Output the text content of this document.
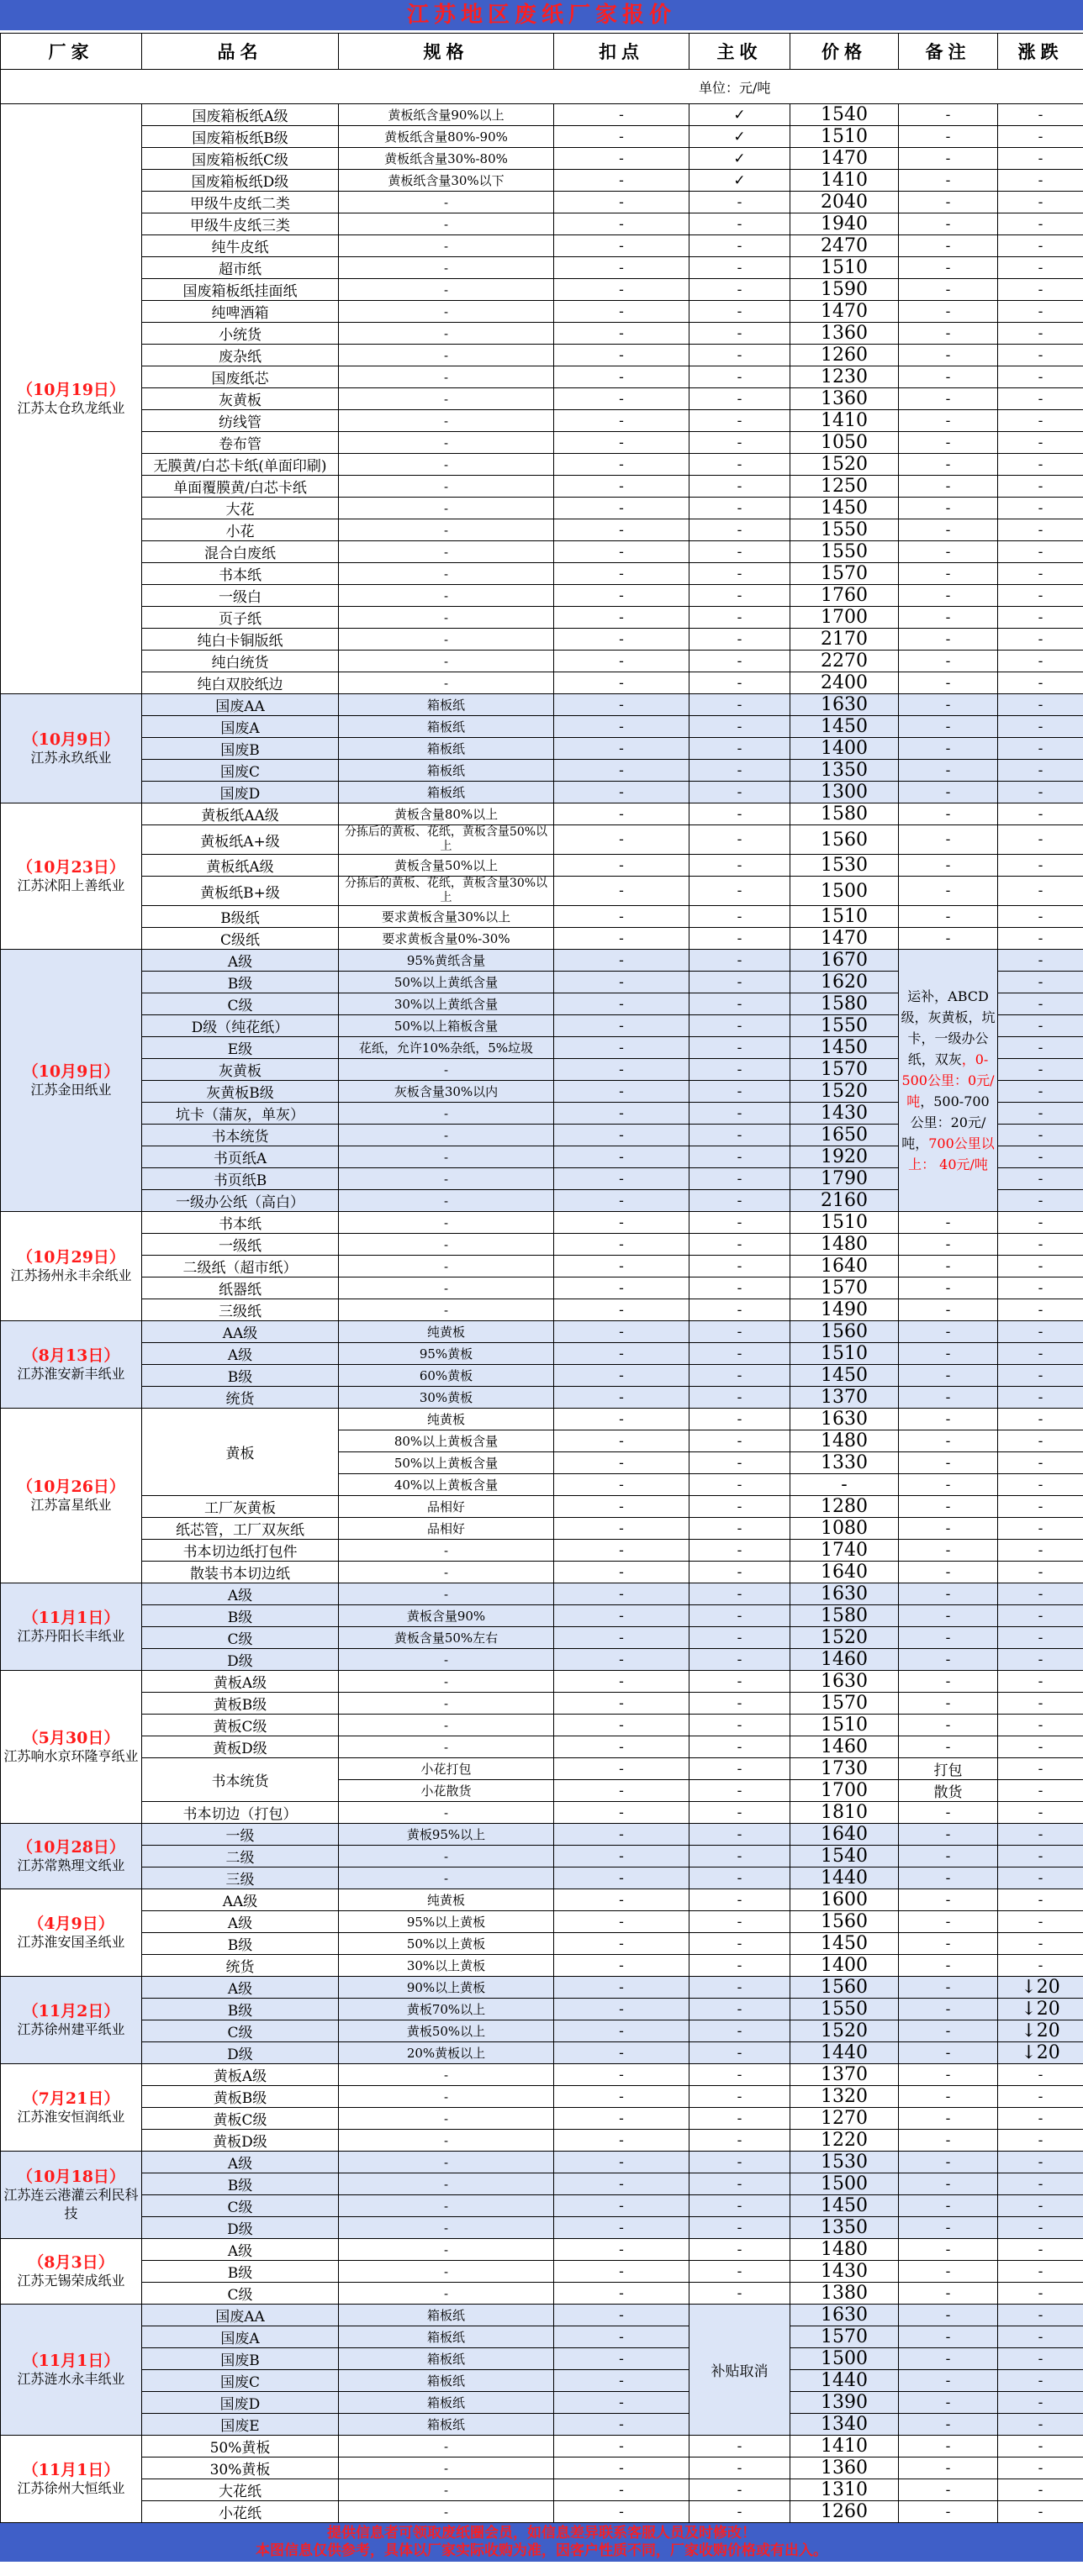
江苏地区废纸厂家报价
厂家	品名	规格	扣点	主收	价格	备注	涨跌
单位：元/吨							

（10月19日）
江苏太仓玖龙纸业	国废箱板纸A级	黄板纸含量90%以上	-	✓	1540	-	-
	国废箱板纸B级	黄板纸含量80%-90%	-	✓	1510	-	-
	国废箱板纸C级	黄板纸含量30%-80%	-	✓	1470	-	-
	国废箱板纸D级	黄板纸含量30%以下	-	✓	1410	-	-
	甲级牛皮纸二类	-	-	-	2040	-	-
	甲级牛皮纸三类	-	-	-	1940	-	-
	纯牛皮纸	-	-	-	2470	-	-
	超市纸	-	-	-	1510	-	-
	国废箱板纸挂面纸	-	-	-	1590	-	-
	纯啤酒箱	-	-	-	1470	-	-
	小统货	-	-	-	1360	-	-
	废杂纸	-	-	-	1260	-	-
	国废纸芯	-	-	-	1230	-	-
	灰黄板	-	-	-	1360	-	-
	纺线管	-	-	-	1410	-	-
	卷布管	-	-	-	1050	-	-
	无膜黄/白芯卡纸(单面印刷)	-	-	-	1520	-	-
	单面覆膜黄/白芯卡纸	-	-	-	1250	-	-
	大花	-	-	-	1450	-	-
	小花	-	-	-	1550	-	-
	混合白废纸	-	-	-	1550	-	-
	书本纸	-	-	-	1570	-	-
	一级白	-	-	-	1760	-	-
	页子纸	-	-	-	1700	-	-
	纯白卡铜版纸	-	-	-	2170	-	-
	纯白统货	-	-	-	2270	-	-
	纯白双胶纸边	-	-	-	2400	-	-

（10月9日）
江苏永玖纸业	国废AA	箱板纸	-	-	1630	-	-
	国废A	箱板纸	-	-	1450	-	-
	国废B	箱板纸	-	-	1400	-	-
	国废C	箱板纸	-	-	1350	-	-
	国废D	箱板纸	-	-	1300	-	-

（10月23日）
江苏沭阳上善纸业	黄板纸AA级	黄板含量80%以上	-	-	1580	-	-
	黄板纸A+级	分拣后的黄板、花纸，黄板含量50%以上	-	-	1560	-	-
	黄板纸A级	黄板含量50%以上	-	-	1530	-	-
	黄板纸B+级	分拣后的黄板、花纸，黄板含量30%以上	-	-	1500	-	-
	B级纸	要求黄板含量30%以上	-	-	1510	-	-
	C级纸	要求黄板含量0%-30%	-	-	1470	-	-

（10月9日）
江苏金田纸业	A级	95%黄纸含量	-	-	1670	运补，ABCD级，灰黄板，坑卡，一级办公纸，双灰，0-500公里：0元/吨，500-700公里：20元/吨，700公里以上： 40元/吨	-
	B级	50%以上黄纸含量	-	-	1620		-
	C级	30%以上黄纸含量	-	-	1580		-
	D级（纯花纸）	50%以上箱板含量	-	-	1550		-
	E级	花纸，允许10%杂纸，5%垃圾	-	-	1450		-
	灰黄板	-	-	-	1570		-
	灰黄板B级	灰板含量30%以内	-	-	1520		-
	坑卡（蒲灰，单灰）	-	-	-	1430		-
	书本统货	-	-	-	1650		-
	书页纸A	-	-	-	1920		-
	书页纸B	-	-	-	1790		-
	一级办公纸（高白）	-	-	-	2160		-

（10月29日）
江苏扬州永丰余纸业	书本纸	-	-	-	1510	-	-
	一级纸	-	-	-	1480	-	-
	二级纸（超市纸）	-	-	-	1640	-	-
	纸器纸	-	-	-	1570	-	-
	三级纸	-	-	-	1490	-	-

（8月13日）
江苏淮安新丰纸业	AA级	纯黄板	-	-	1560	-	-
	A级	95%黄板	-	-	1510	-	-
	B级	60%黄板	-	-	1450	-	-
	统货	30%黄板	-	-	1370	-	-

（10月26日）
江苏富星纸业	黄板	纯黄板	-	-	1630	-	-
		80%以上黄板含量	-	-	1480	-	-
		50%以上黄板含量	-	-	1330	-	-
		40%以上黄板含量	-	-	-	-	-
	工厂灰黄板	品相好	-	-	1280	-	-
	纸芯管，工厂双灰纸	品相好	-	-	1080	-	-
	书本切边纸打包件	-	-	-	1740	-	-
	散装书本切边纸	-	-	-	1640	-	-

（11月1日）
江苏丹阳长丰纸业	A级	-	-	-	1630	-	-
	B级	黄板含量90%	-	-	1580	-	-
	C级	黄板含量50%左右	-	-	1520	-	-
	D级	-	-	-	1460	-	-

（5月30日）
江苏响水京环隆亨纸业	黄板A级	-	-	-	1630	-	-
	黄板B级	-	-	-	1570	-	-
	黄板C级	-	-	-	1510	-	-
	黄板D级	-	-	-	1460	-	-
	书本统货	小花打包	-	-	1730	打包	-
		小花散货	-	-	1700	散货	-
	书本切边（打包）	-	-	-	1810	-	-

（10月28日）
江苏常熟理文纸业	一级	黄板95%以上	-	-	1640	-	-
	二级	-	-	-	1540	-	-
	三级	-	-	-	1440	-	-

（4月9日）
江苏淮安国圣纸业	AA级	纯黄板	-	-	1600	-	-
	A级	95%以上黄板	-	-	1560	-	-
	B级	50%以上黄板	-	-	1450	-	-
	统货	30%以上黄板	-	-	1400	-	-

（11月2日）
江苏徐州建平纸业	A级	90%以上黄板	-	-	1560	-	↓20
	B级	黄板70%以上	-	-	1550	-	↓20
	C级	黄板50%以上	-	-	1520	-	↓20
	D级	20%黄板以上	-	-	1440	-	↓20

（7月21日）
江苏淮安恒润纸业	黄板A级	-	-	-	1370	-	-
	黄板B级	-	-	-	1320	-	-
	黄板C级	-	-	-	1270	-	-
	黄板D级	-	-	-	1220	-	-

（10月18日）
江苏连云港灌云利民科技	A级	-	-	-	1530	-	-
	B级	-	-	-	1500	-	-
	C级	-	-	-	1450	-	-
	D级	-	-	-	1350	-	-

（8月3日）
江苏无锡荣成纸业	A级	-	-	-	1480	-	-
	B级	-	-	-	1430	-	-
	C级	-	-	-	1380	-	-

（11月1日）
江苏涟水永丰纸业	国废AA	箱板纸	-	补贴取消	1630	-	-
	国废A	箱板纸	-		1570	-	-
	国废B	箱板纸	-		1500	-	-
	国废C	箱板纸	-		1440	-	-
	国废D	箱板纸	-		1390	-	-
	国废E	箱板纸	-		1340	-	-

（11月1日）
江苏徐州大恒纸业	50%黄板	-	-	-	1410	-	-
	30%黄板	-	-	-	1360	-	-
	大花纸	-	-	-	1310	-	-
	小花纸	-	-	-	1260	-	-
提供信息者可领取废纸圈会员，如信息差异联系客服人员及时修改！
本图信息仅供参考，具体以厂家实际收购为准，因客户性质不同，厂家收购价格或有出入。
